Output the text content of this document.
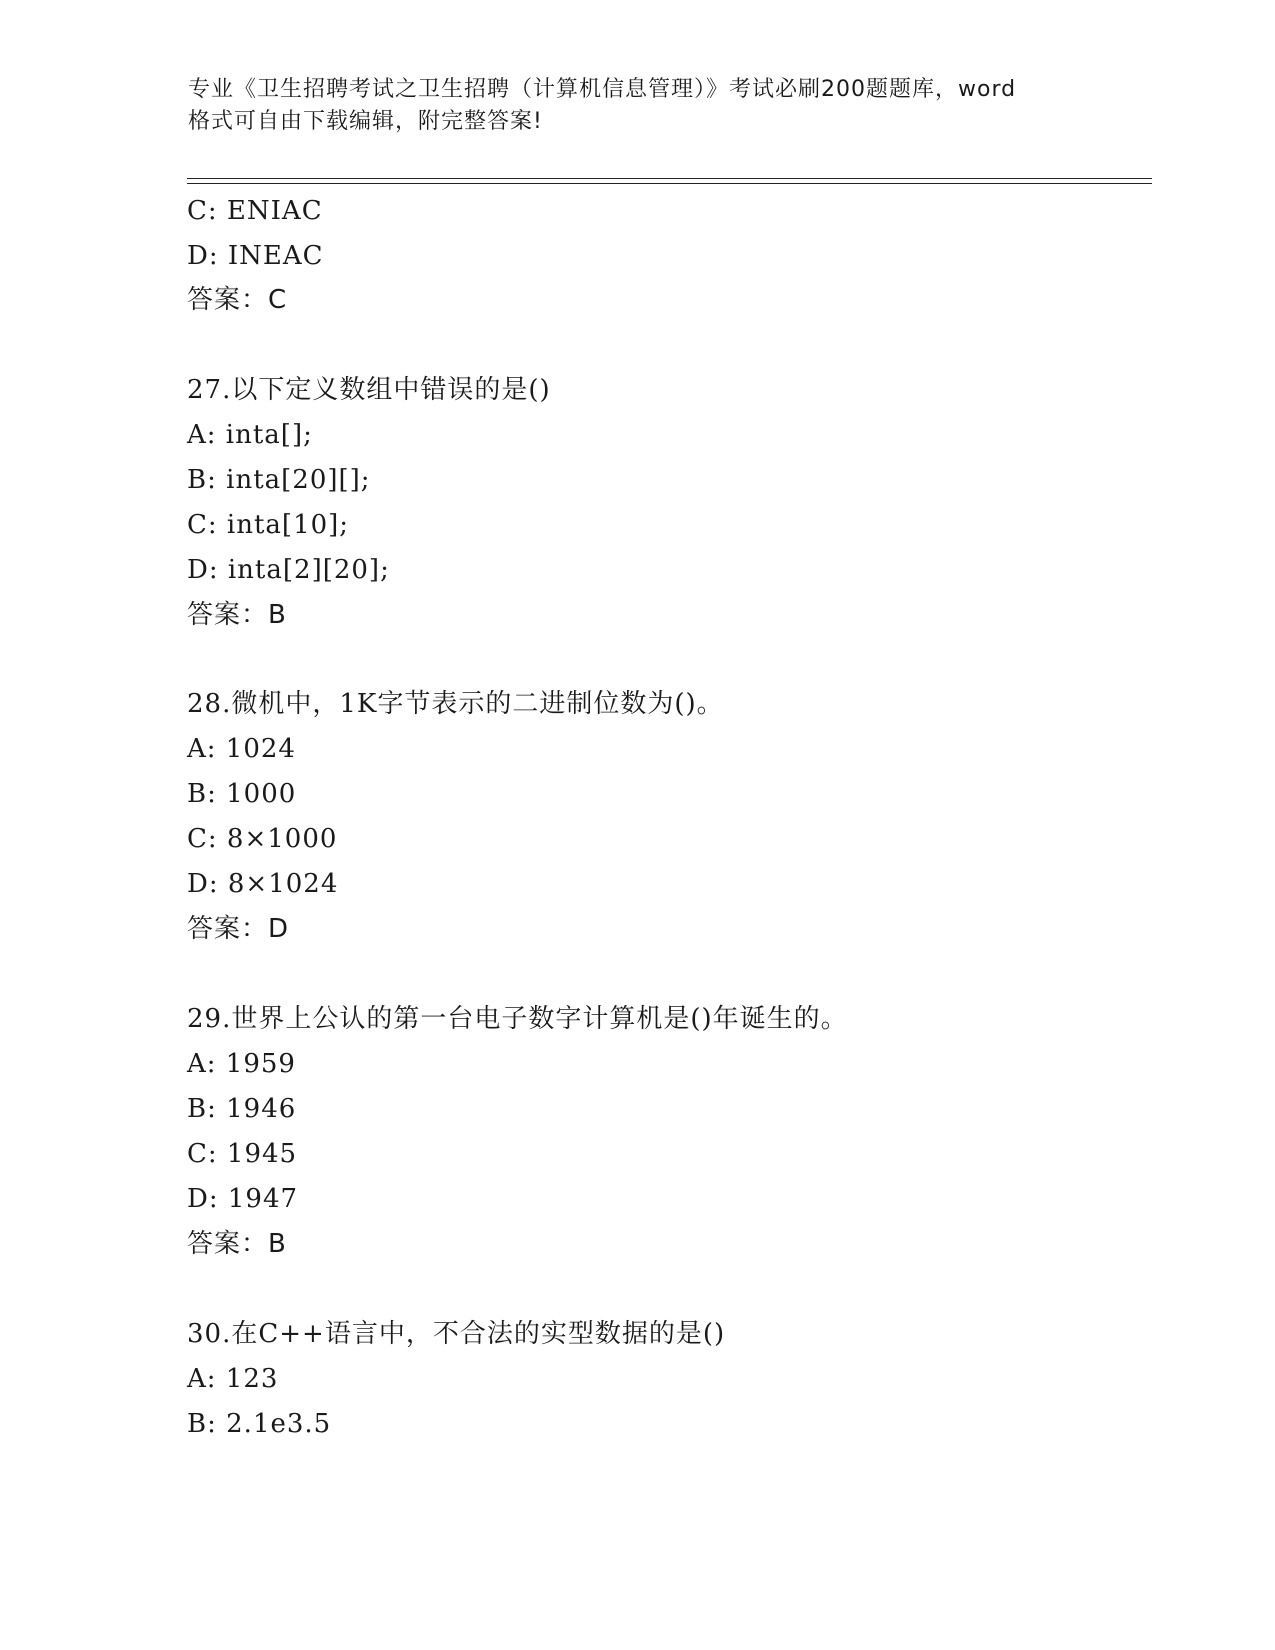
专业《卫生招聘考试之卫生招聘（计算机信息管理）》考试必刷200题题库，word
格式可自由下载编辑，附完整答案!
C: ENIAC
D: INEAC
答案：C
27.以下定义数组中错误的是()
A: inta[];
B: inta[20][];
C: inta[10];
D: inta[2][20];
答案：B
28.微机中，1K字节表示的二进制位数为()。
A: 1024
B: 1000
C: 8×1000
D: 8×1024
答案：D
29.世界上公认的第一台电子数字计算机是()年诞生的。
A: 1959
B: 1946
C: 1945
D: 1947
答案：B
30.在C++语言中，不合法的实型数据的是()
A: 123
B: 2.1e3.5
